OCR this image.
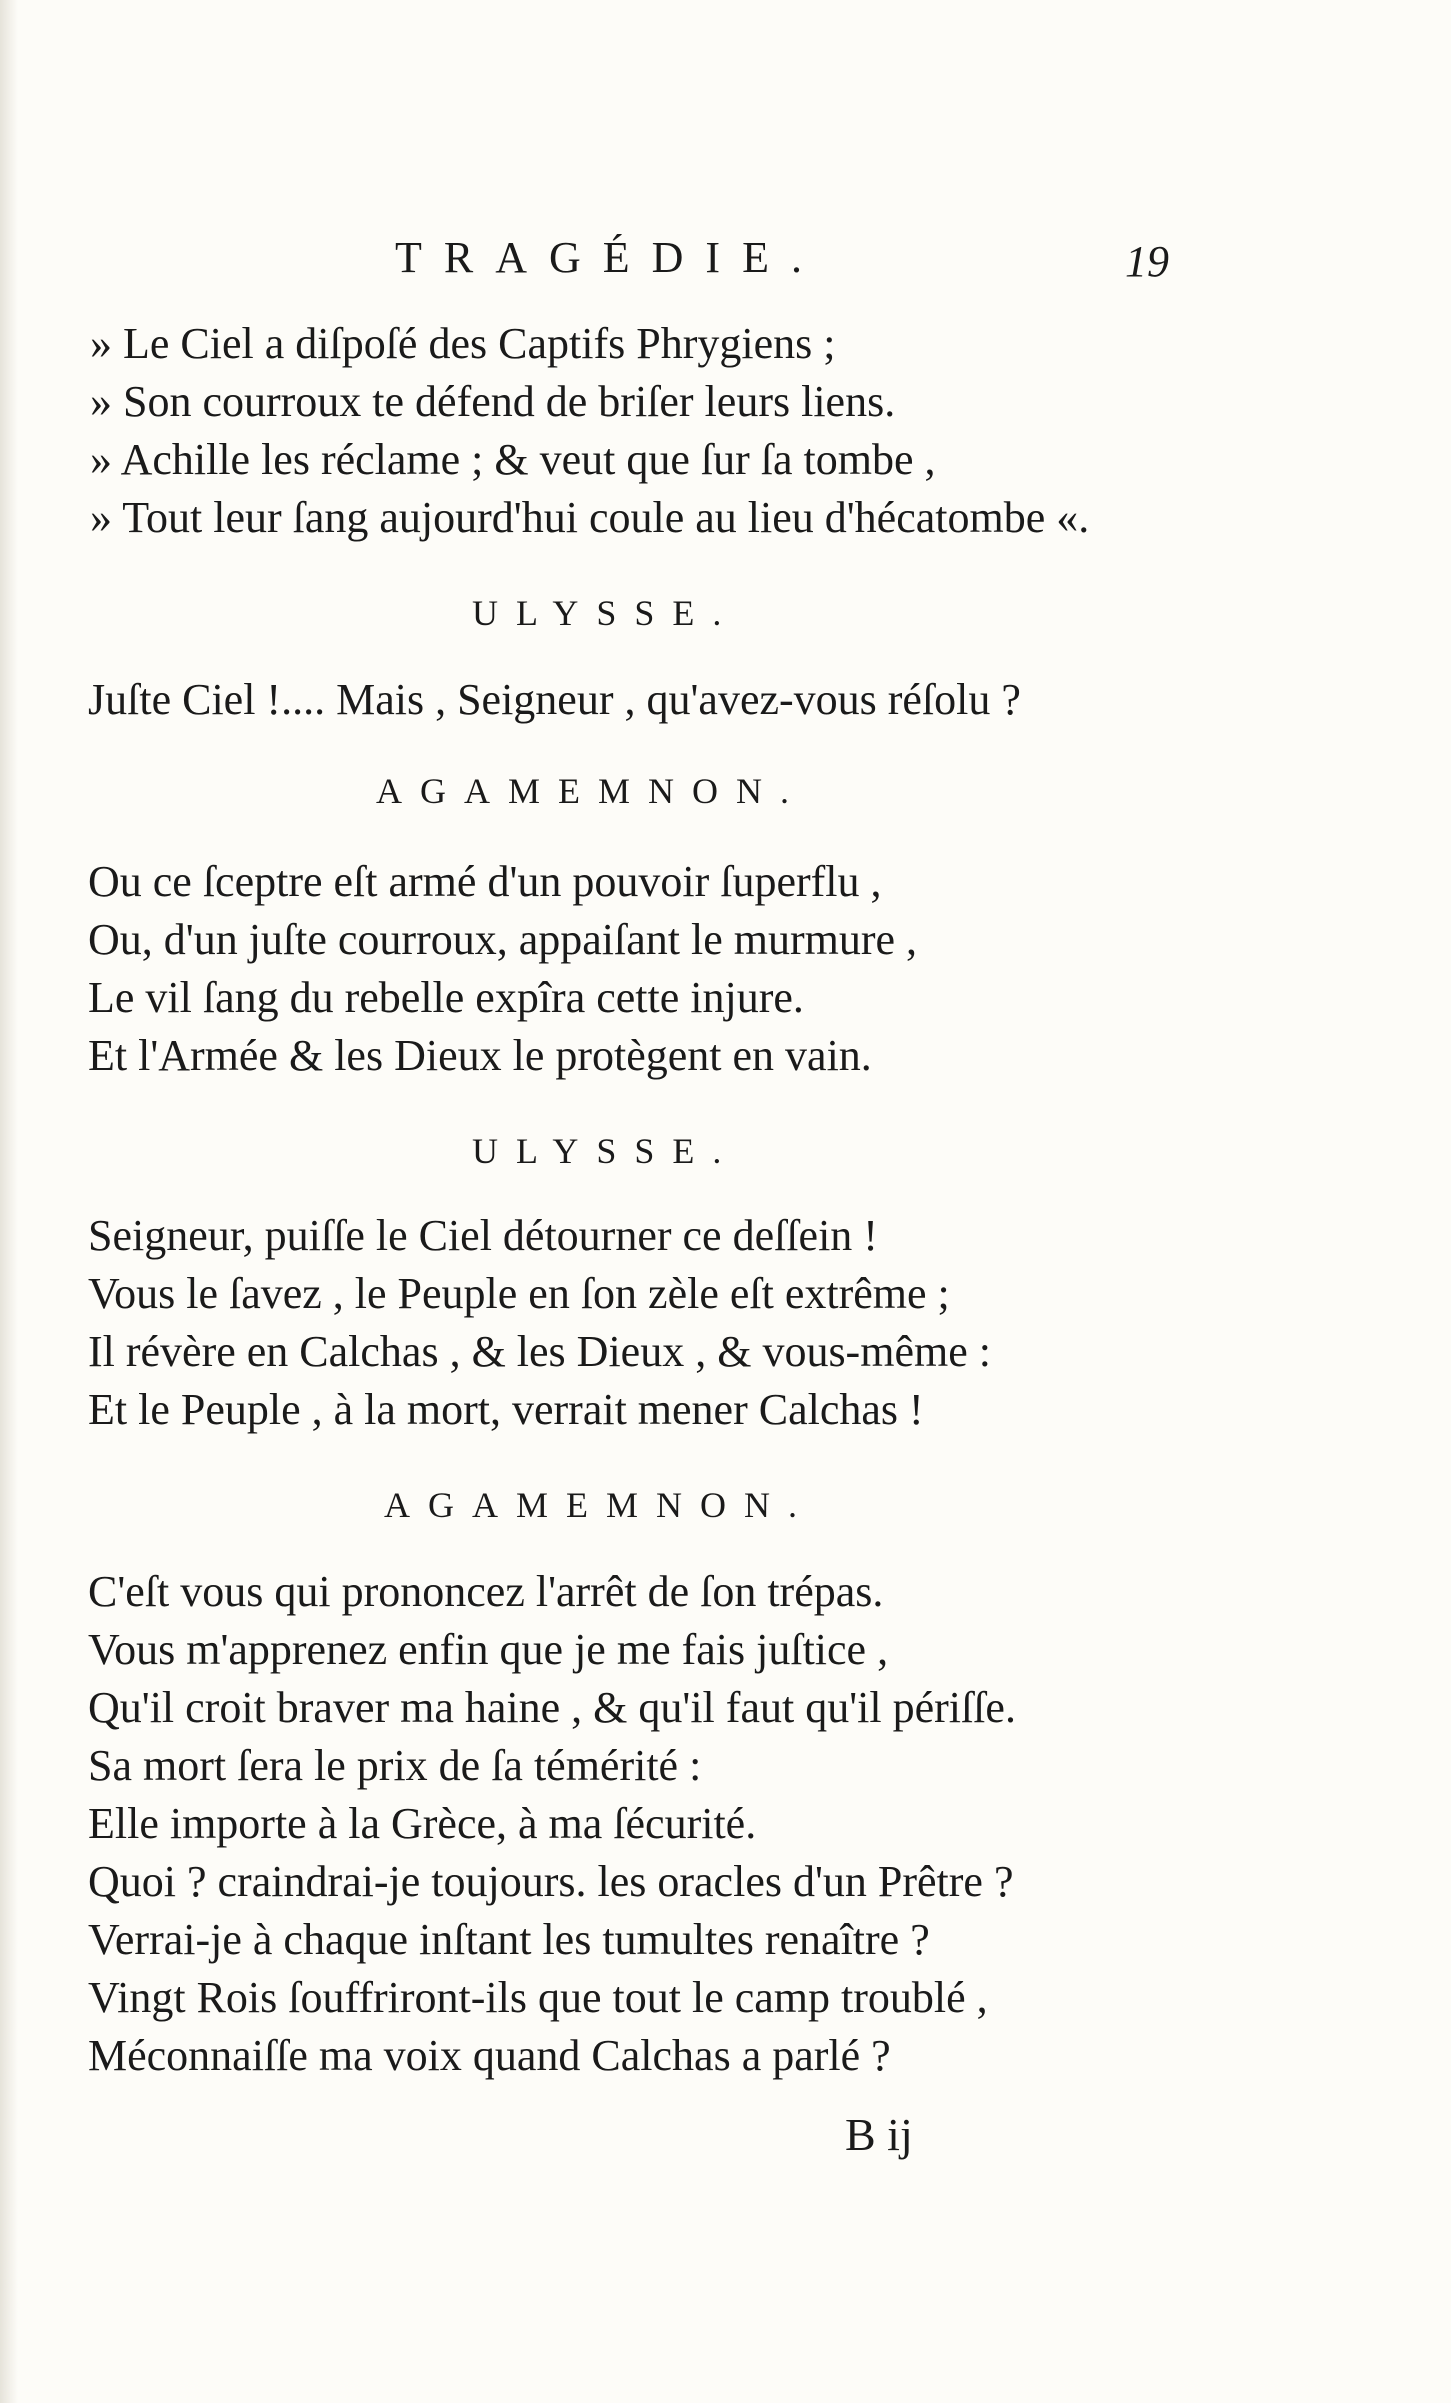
TRAGÉDIE.	19
» Le Ciel a diſpoſé des Captifs Phrygiens ;
» Son courroux te défend de briſer leurs liens.
» Achille les réclame ; & veut que ſur ſa tombe ,
» Tout leur ſang aujourd'hui coule au lieu d'hécatombe «.
ULYSSE.
Juſte Ciel !.... Mais , Seigneur , qu'avez-vous réſolu ?
AGAMEMNON.
Ou ce ſceptre eſt armé d'un pouvoir ſuperflu ,
Ou, d'un juſte courroux, appaiſant le murmure ,
Le vil ſang du rebelle expîra cette injure.
Et l'Armée & les Dieux le protègent en vain.
ULYSSE.
Seigneur, puiſſe le Ciel détourner ce deſſein !
Vous le ſavez , le Peuple en ſon zèle eſt extrême ;
Il révère en Calchas , & les Dieux , & vous-même :
Et le Peuple , à la mort, verrait mener Calchas !
AGAMEMNON.
C'eſt vous qui prononcez l'arrêt de ſon trépas.
Vous m'apprenez enfin que je me fais juſtice ,
Qu'il croit braver ma haine , & qu'il faut qu'il périſſe.
Sa mort ſera le prix de ſa témérité :
Elle importe à la Grèce, à ma ſécurité.
Quoi ? craindrai-je toujours. les oracles d'un Prêtre ?
Verrai-je à chaque inſtant les tumultes renaître ?
Vingt Rois ſouffriront-ils que tout le camp troublé ,
Méconnaiſſe ma voix quand Calchas a parlé ?
B ij
